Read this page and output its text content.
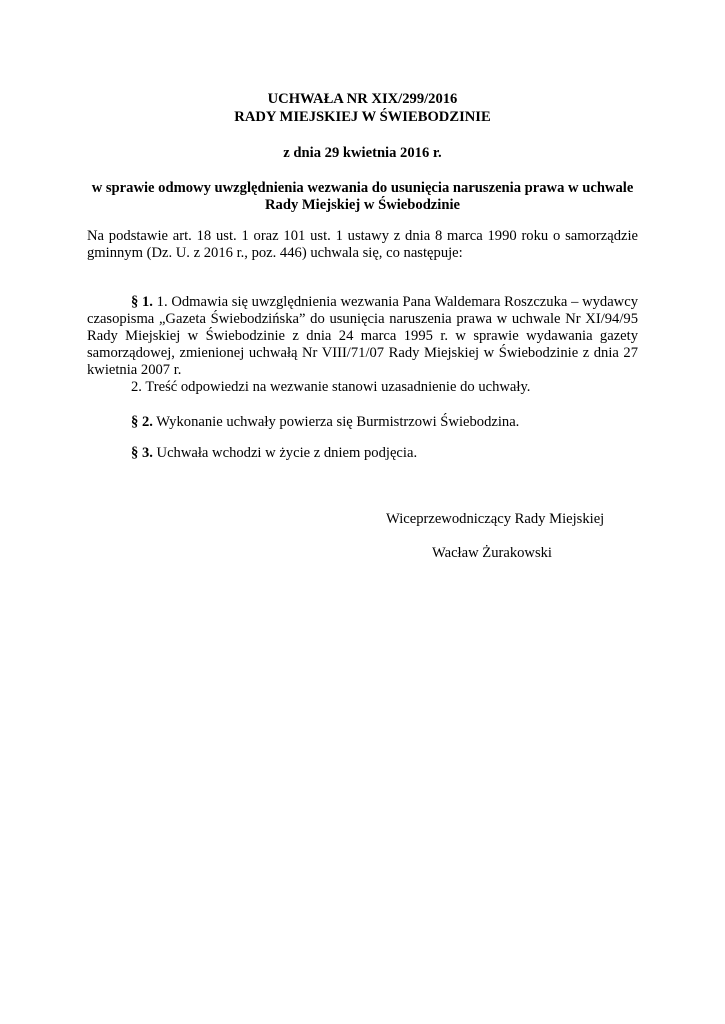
UCHWAŁA NR XIX/299/2016

RADY MIEJSKIEJ W ŚWIEBODZINIE

z dnia 29 kwietnia 2016 r.

w sprawie odmowy uwzględnienia wezwania do usunięcia naruszenia prawa w uchwale

Rady Miejskiej w Świebodzinie

Na podstawie art. 18 ust. 1 oraz 101 ust. 1 ustawy z dnia 8 marca 1990 roku o samorządzie gminnym (Dz. U. z 2016 r., poz. 446) uchwala się, co następuje:

§ 1. 1. Odmawia się uwzględnienia wezwania Pana Waldemara Roszczuka – wydawcy czasopisma „Gazeta Świebodzińska” do usunięcia naruszenia prawa w uchwale Nr XI/94/95 Rady Miejskiej w Świebodzinie z dnia 24 marca 1995 r. w sprawie wydawania gazety samorządowej, zmienionej uchwałą Nr VIII/71/07 Rady Miejskiej w Świebodzinie z dnia 27 kwietnia 2007 r.

2. Treść odpowiedzi na wezwanie stanowi uzasadnienie do uchwały.

§ 2. Wykonanie uchwały powierza się Burmistrzowi Świebodzina.

§ 3. Uchwała wchodzi w życie z dniem podjęcia.

Wiceprzewodniczący Rady Miejskiej

Wacław Żurakowski
